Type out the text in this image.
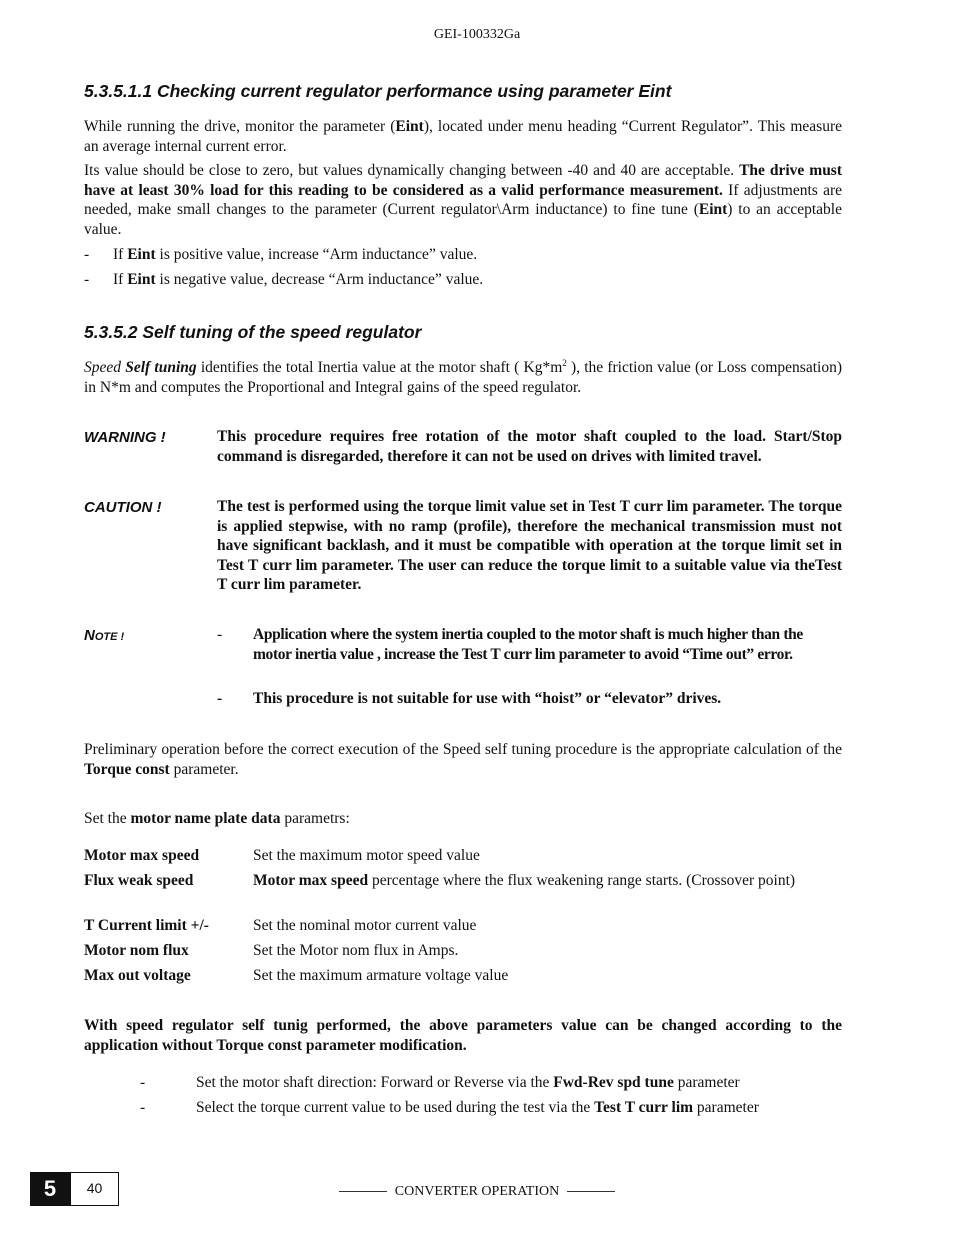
GEI-100332Ga
5.3.5.1.1 Checking current regulator performance using parameter Eint
While running the drive, monitor the parameter (Eint), located under menu heading “Current Regulator”. This measure an average internal current error.
Its value should be close to zero, but values dynamically changing between -40 and 40 are acceptable. The drive must have at least 30% load for this reading to be considered as a valid performance measurement. If adjustments are needed, make small changes to the parameter (Current regulator\Arm inductance) to fine tune (Eint) to an acceptable value.
- If Eint is positive value, increase “Arm inductance” value.
- If Eint is negative value, decrease “Arm inductance” value.
5.3.5.2 Self tuning of the speed regulator
Speed Self tuning identifies the total Inertia value at the motor shaft ( $Kg*m^2$ ), the friction value (or Loss compensation) in N*m and computes the Proportional and Integral gains of the speed regulator.
WARNING !	This procedure requires free rotation of the motor shaft coupled to the load. Start/Stop command is disregarded, therefore it can not be used on drives with limited travel.
CAUTION !	The test is performed using the torque limit value set in Test T curr lim parameter. The torque is applied stepwise, with no ramp (profile), therefore the mechanical transmission must not have significant backlash, and it must be compatible with operation at the torque limit set in Test T curr lim parameter. The user can reduce the torque limit to a suitable value via theTest T curr lim parameter.
NOTE !	- Application where the system inertia coupled to the motor shaft is much higher than the motor inertia value , increase the Test T curr lim parameter to avoid “Time out” error.
- This procedure is not suitable for use with “hoist” or “elevator” drives.
Preliminary operation before the correct execution of the Speed self tuning procedure is the appropriate calculation of the Torque const parameter.
Set the motor name plate data parametrs:
Motor max speed	Set the maximum motor speed value
Flux weak speed	Motor max speed percentage where the flux weakening range starts. (Crossover point)
T Current limit +/-	Set the nominal motor current value
Motor nom flux	Set the Motor nom flux in Amps.
Max out voltage	Set the maximum armature voltage value
With speed regulator self tunig performed, the above parameters value can be changed according to the application without Torque const parameter modification.
-	Set the motor shaft direction: Forward or Reverse via the Fwd-Rev spd tune parameter
-	Select the torque current value to be used during the test via the Test T curr lim parameter
5	40	CONVERTER OPERATION
